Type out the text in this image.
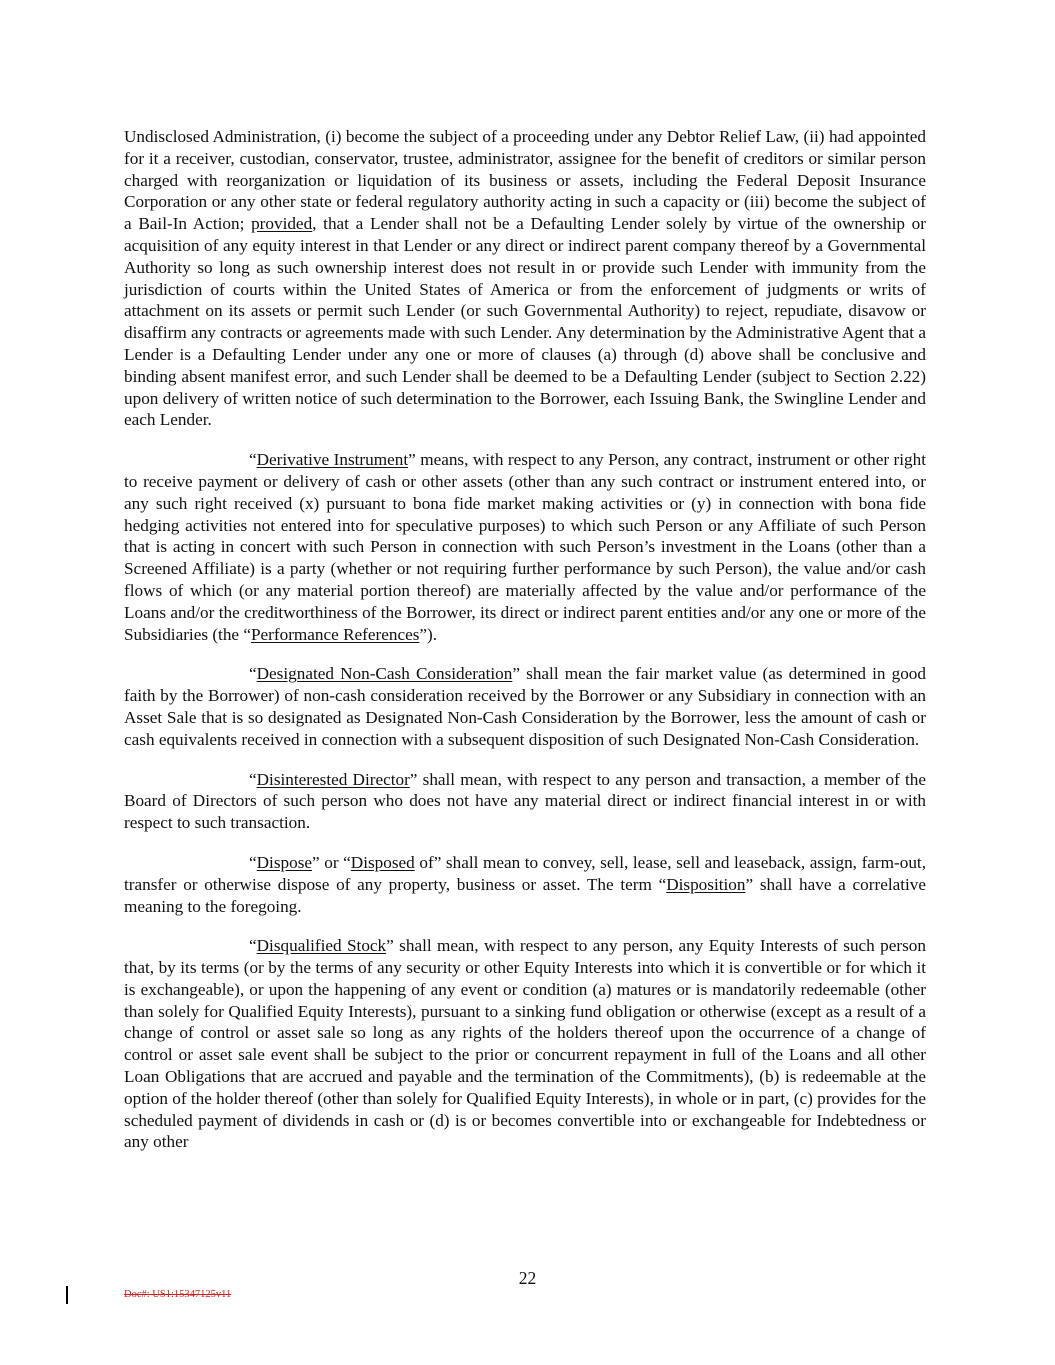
Undisclosed Administration, (i) become the subject of a proceeding under any Debtor Relief Law, (ii) had appointed for it a receiver, custodian, conservator, trustee, administrator, assignee for the benefit of creditors or similar person charged with reorganization or liquidation of its business or assets, including the Federal Deposit Insurance Corporation or any other state or federal regulatory authority acting in such a capacity or (iii) become the subject of a Bail-In Action; provided, that a Lender shall not be a Defaulting Lender solely by virtue of the ownership or acquisition of any equity interest in that Lender or any direct or indirect parent company thereof by a Governmental Authority so long as such ownership interest does not result in or provide such Lender with immunity from the jurisdiction of courts within the United States of America or from the enforcement of judgments or writs of attachment on its assets or permit such Lender (or such Governmental Authority) to reject, repudiate, disavow or disaffirm any contracts or agreements made with such Lender. Any determination by the Administrative Agent that a Lender is a Defaulting Lender under any one or more of clauses (a) through (d) above shall be conclusive and binding absent manifest error, and such Lender shall be deemed to be a Defaulting Lender (subject to Section 2.22) upon delivery of written notice of such determination to the Borrower, each Issuing Bank, the Swingline Lender and each Lender.

“Derivative Instrument” means, with respect to any Person, any contract, instrument or other right to receive payment or delivery of cash or other assets (other than any such contract or instrument entered into, or any such right received (x) pursuant to bona fide market making activities or (y) in connection with bona fide hedging activities not entered into for speculative purposes) to which such Person or any Affiliate of such Person that is acting in concert with such Person in connection with such Person’s investment in the Loans (other than a Screened Affiliate) is a party (whether or not requiring further performance by such Person), the value and/or cash flows of which (or any material portion thereof) are materially affected by the value and/or performance of the Loans and/or the creditworthiness of the Borrower, its direct or indirect parent entities and/or any one or more of the Subsidiaries (the “Performance References”).

“Designated Non-Cash Consideration” shall mean the fair market value (as determined in good faith by the Borrower) of non-cash consideration received by the Borrower or any Subsidiary in connection with an Asset Sale that is so designated as Designated Non-Cash Consideration by the Borrower, less the amount of cash or cash equivalents received in connection with a subsequent disposition of such Designated Non-Cash Consideration.

“Disinterested Director” shall mean, with respect to any person and transaction, a member of the Board of Directors of such person who does not have any material direct or indirect financial interest in or with respect to such transaction.

“Dispose” or “Disposed of” shall mean to convey, sell, lease, sell and leaseback, assign, farm-out, transfer or otherwise dispose of any property, business or asset. The term “Disposition” shall have a correlative meaning to the foregoing.

“Disqualified Stock” shall mean, with respect to any person, any Equity Interests of such person that, by its terms (or by the terms of any security or other Equity Interests into which it is convertible or for which it is exchangeable), or upon the happening of any event or condition (a) matures or is mandatorily redeemable (other than solely for Qualified Equity Interests), pursuant to a sinking fund obligation or otherwise (except as a result of a change of control or asset sale so long as any rights of the holders thereof upon the occurrence of a change of control or asset sale event shall be subject to the prior or concurrent repayment in full of the Loans and all other Loan Obligations that are accrued and payable and the termination of the Commitments), (b) is redeemable at the option of the holder thereof (other than solely for Qualified Equity Interests), in whole or in part, (c) provides for the scheduled payment of dividends in cash or (d) is or becomes convertible into or exchangeable for Indebtedness or any other

22
Doc#: US1:15347125v11
